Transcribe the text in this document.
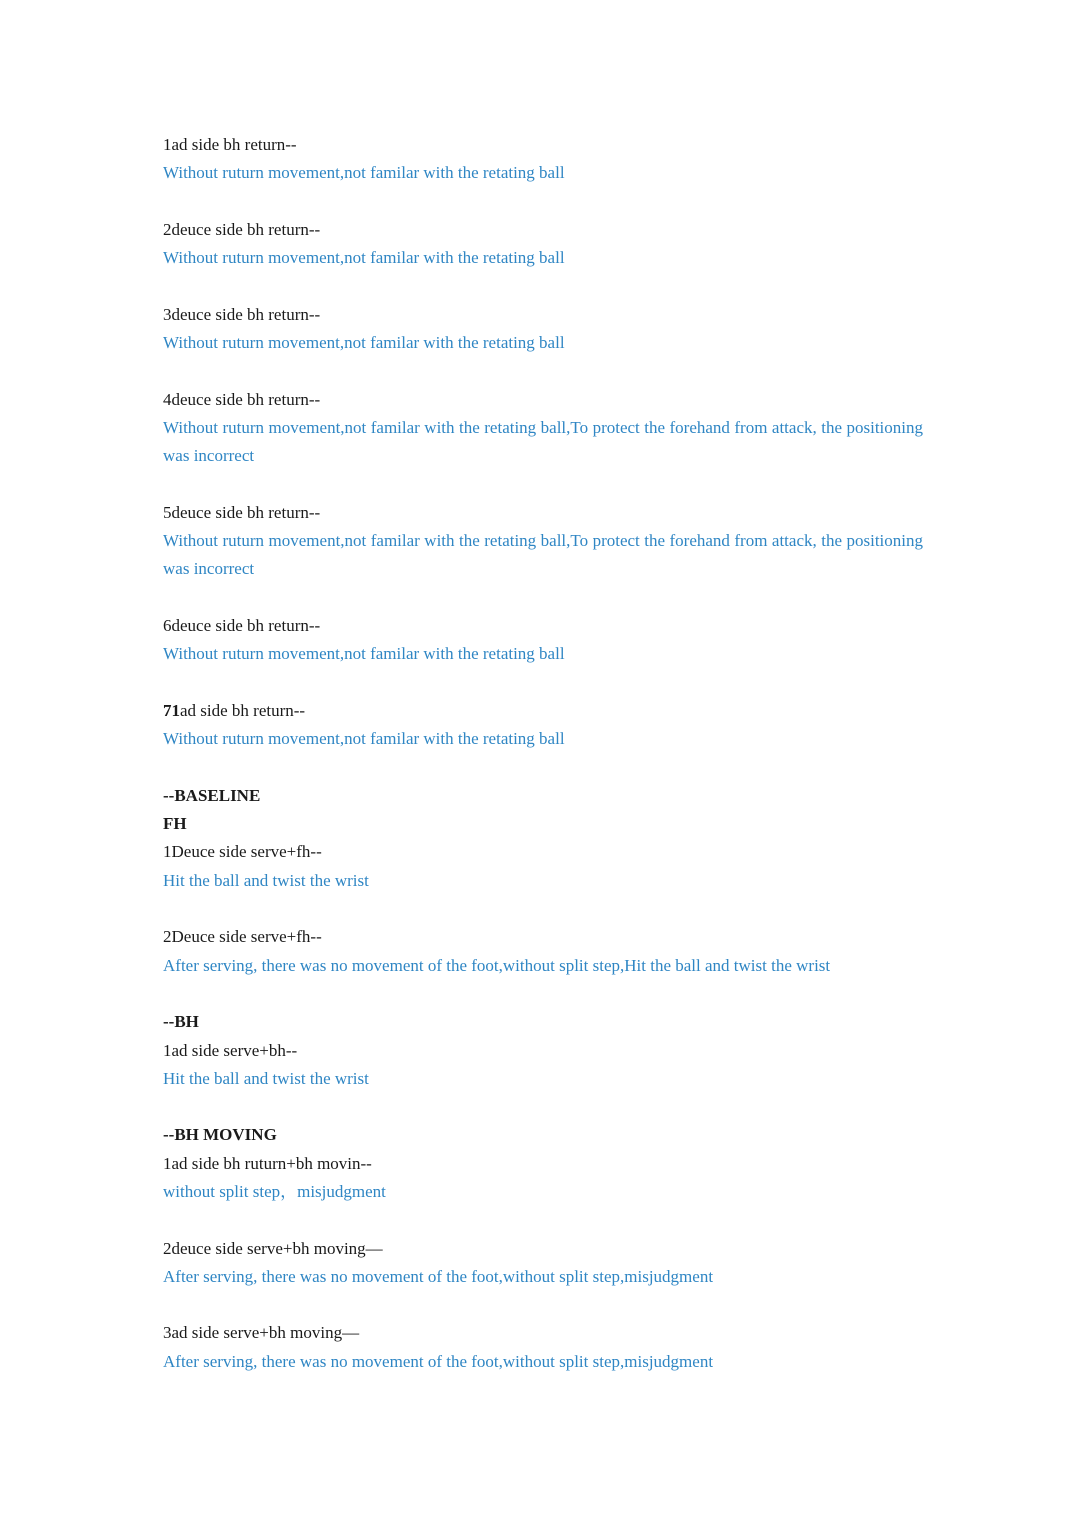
1ad side bh return--
Without ruturn movement,not familar with the retating ball
2deuce side bh return--
Without ruturn movement,not familar with the retating ball
3deuce side bh return--
Without ruturn movement,not familar with the retating ball
4deuce side bh return--
Without ruturn movement,not familar with the retating ball,To protect the forehand from attack, the positioning was incorrect
5deuce side bh return--
Without ruturn movement,not familar with the retating ball,To protect the forehand from attack, the positioning was incorrect
6deuce side bh return--
Without ruturn movement,not familar with the retating ball
71ad side bh return--
Without ruturn movement,not familar with the retating ball
--BASELINE
FH
1Deuce side serve+fh--
Hit the ball and twist the wrist
2Deuce side serve+fh--
After serving, there was no movement of the foot,without split step,Hit the ball and twist the wrist
--BH
1ad side serve+bh--
Hit the ball and twist the wrist
--BH MOVING
1ad side bh ruturn+bh movin--
without split step，misjudgment
2deuce side serve+bh moving—
After serving, there was no movement of the foot,without split step,misjudgment
3ad side serve+bh moving—
After serving, there was no movement of the foot,without split step,misjudgment
